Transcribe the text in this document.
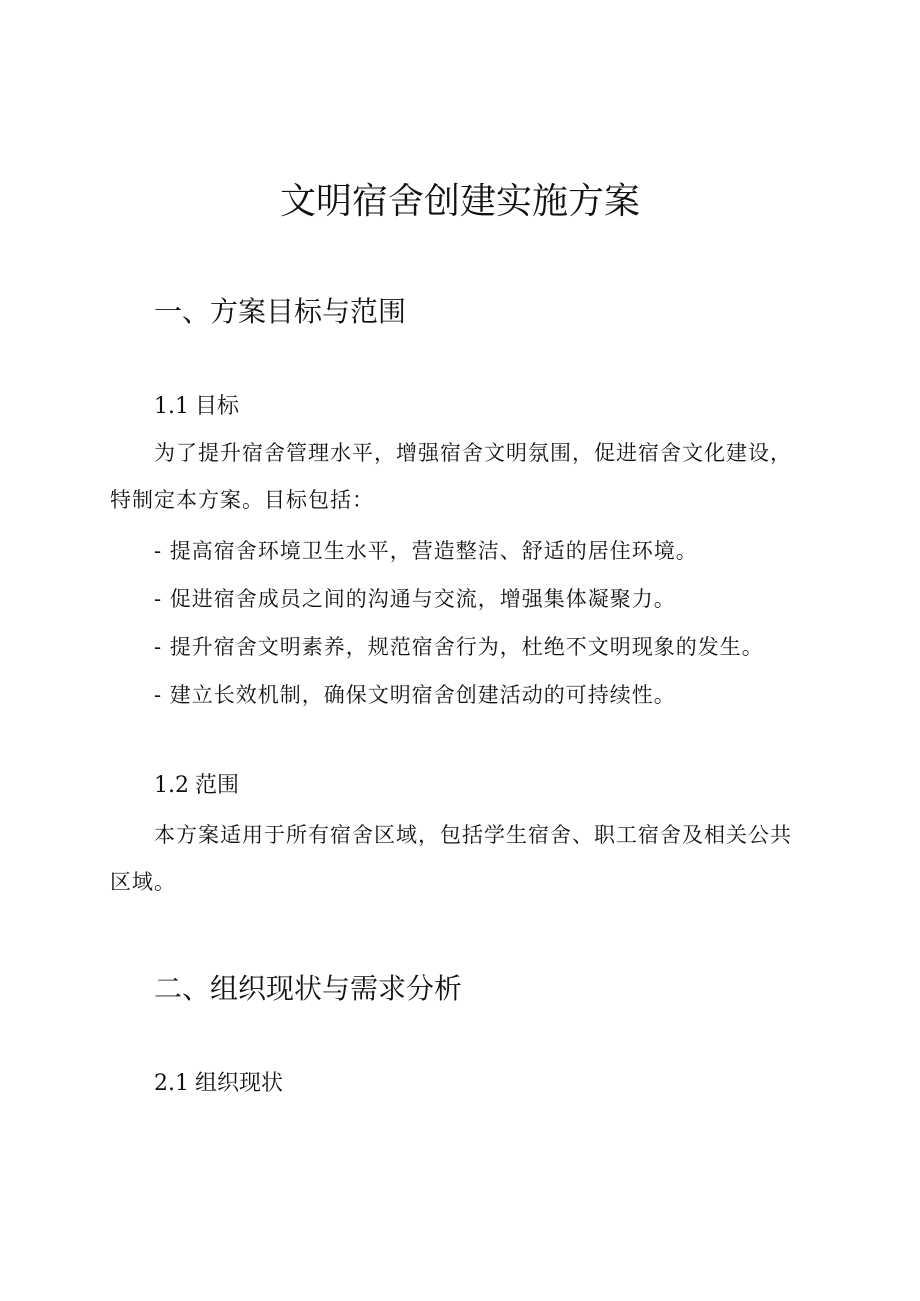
文明宿舍创建实施方案
一、方案目标与范围
1.1 目标

为了提升宿舍管理水平，增强宿舍文明氛围，促进宿舍文化建设，特制定本方案。目标包括：

- 提高宿舍环境卫生水平，营造整洁、舒适的居住环境。

- 促进宿舍成员之间的沟通与交流，增强集体凝聚力。

- 提升宿舍文明素养，规范宿舍行为，杜绝不文明现象的发生。

- 建立长效机制，确保文明宿舍创建活动的可持续性。

1.2 范围

本方案适用于所有宿舍区域，包括学生宿舍、职工宿舍及相关公共区域。

二、组织现状与需求分析
2.1 组织现状
